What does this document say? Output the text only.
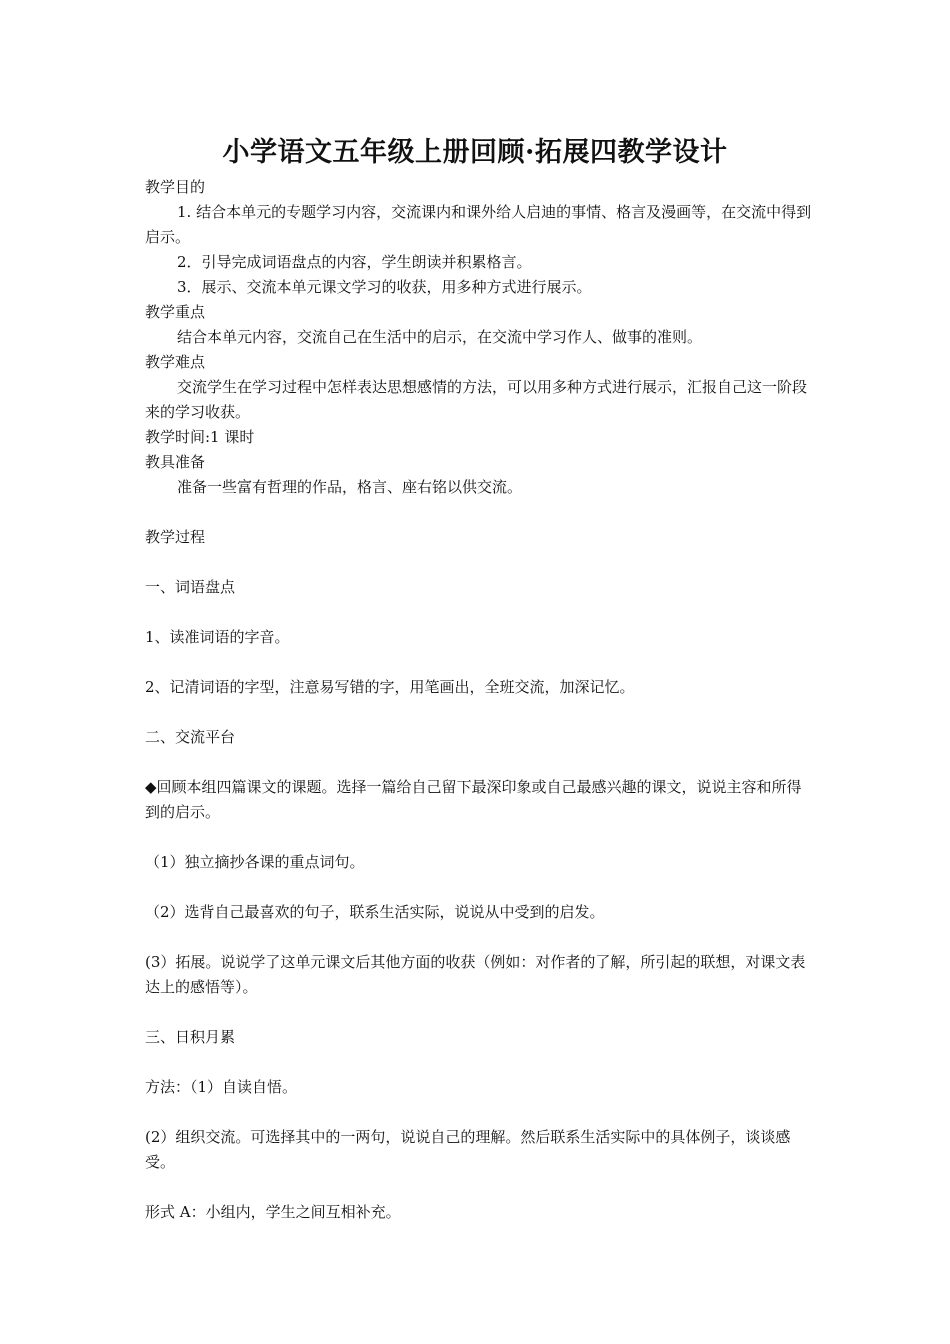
小学语文五年级上册回顾·拓展四教学设计

教学目的

1. 结合本单元的专题学习内容，交流课内和课外给人启迪的事情、格言及漫画等，在交流中得到启示。

2．引导完成词语盘点的内容，学生朗读并积累格言。

3．展示、交流本单元课文学习的收获，用多种方式进行展示。

教学重点

结合本单元内容，交流自己在生活中的启示，在交流中学习作人、做事的准则。

教学难点

交流学生在学习过程中怎样表达思想感情的方法，可以用多种方式进行展示，汇报自己这一阶段来的学习收获。

教学时间:1 课时

教具准备

准备一些富有哲理的作品，格言、座右铭以供交流。

教学过程

一、词语盘点

1、读准词语的字音。

2、记清词语的字型，注意易写错的字，用笔画出，全班交流，加深记忆。

二、交流平台

◆回顾本组四篇课文的课题。选择一篇给自己留下最深印象或自己最感兴趣的课文，说说主容和所得到的启示。

（1）独立摘抄各课的重点词句。

（2）选背自己最喜欢的句子，联系生活实际，说说从中受到的启发。

(3）拓展。说说学了这单元课文后其他方面的收获（例如：对作者的了解，所引起的联想，对课文表达上的感悟等）。

三、日积月累

方法：（1）自读自悟。

(2）组织交流。可选择其中的一两句，说说自己的理解。然后联系生活实际中的具体例子，谈谈感受。

形式 A：小组内，学生之间互相补充。
